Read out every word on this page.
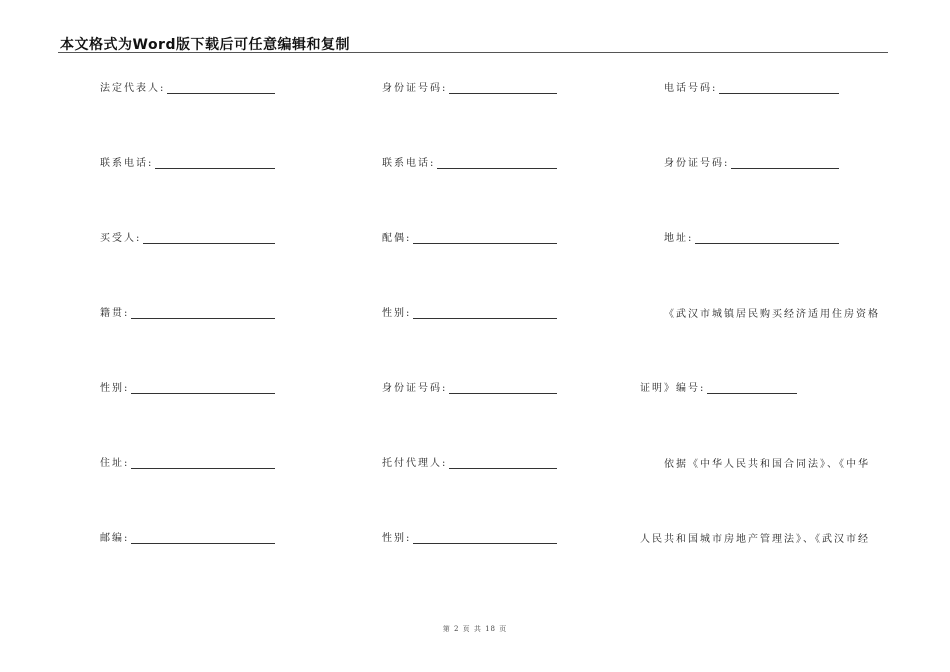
本文格式为Word版下载后可任意编辑和复制
法定代表人:
联系电话:
买受人:
籍贯:
性别:
住址:
邮编:
身份证号码:
联系电话:
配偶:
性别:
身份证号码:
托付代理人:
性别:
电话号码:
身份证号码:
地址:
《武汉市城镇居民购买经济适用住房资格
证明》编号:
依据《中华人民共和国合同法》、《中华
人民共和国城市房地产管理法》、《武汉市经
第 2 页 共 18 页
